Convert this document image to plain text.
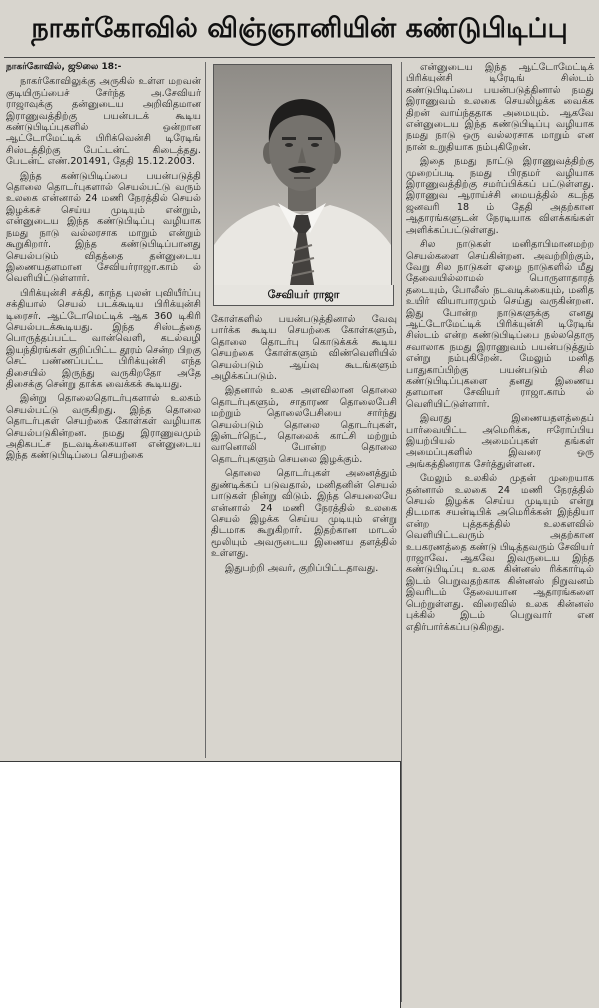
நாகர்கோவில் விஞ்ஞானியின் கண்டுபிடிப்பு

நாகர்கோவில், ஜூலை 18:-

நாகர்கோவிலுக்கு அருகில் உள்ள மறவன் குடியிருப்பைச் சேர்ந்த அ.சேவியர் ராஜாவுக்கு தன்னுடைய அறிவிதமான இராணுவத்திற்கு பயன்படக் கூடிய கண்டுபிடிப்புகளில் ஒன்றான ஆட்டோமேட்டிக் பிரிக்வென்சி டிரேடிங் சிஸ்டத்திற்கு பேட்டன்ட் கிடைத்தது. பேடன்ட் எண்.201491, தேதி 15.12.2003.

இந்த கண்டுபிடிப்பை பயன்படுத்தி தொலை தொடர்புகளால் செயல்பட்டு வரும் உலகை என்னால் 24 மணி நேரத்தில் செயல் இழக்கச் செய்ய முடியும் என்றும், என்னுடைய இந்த கண்டுபிடிப்பு வழியாக நமது நாடு வல்லரசாக மாறும் என்றும் கூறுகிறார். இந்த கண்டுபிடிப்பானது செயல்படும் விதத்தை தன்னுடைய இணையதளமான சேவியர்ராஜா.காம் ல் வெளியிட்டுள்ளார்.

பிரிக்யுன்சி சக்தி, காந்த புலன் புவியீர்ப்பு சக்தியால் செயல் படக்கூடிய பிரிக்யுன்சி டிரைசர். ஆட்டோமெட்டிக் ஆக 360 டிகிரி செயல்படக்கூடியது. இந்த சிஸ்டத்தை பொருத்தப்பட்ட வான்வெளி, கடல்வழி இயந்திரங்கள் குறிப்பிட்ட தூரம் சென்ற பிறகு செட் பண்ணப்பட்ட பிரிக்யுன்சி எந்த திசையில் இருந்து வருகிறதோ அதே திசைக்கு சென்று தாக்க வைக்கக் கூடியது.

இன்று தொலைதொடர்புகளால் உலகம் செயல்பட்டு வருகிறது. இந்த தொலை தொடர்புகள் செயற்கை கோள்கள் வழியாக செயல்படுகின்றன. நமது இராணுவமும் அதிகபட்ச நடவடிக்கையான என்னுடைய இந்த கண்டுபிடிப்பை செயற்கை

சேவியர் ராஜா

கோள்களில் பயன்படுத்தினால் வேவு பார்க்க கூடிய செயற்கை கோள்களும், தொலை தொடர்பு கொடுக்கக் கூடிய செயற்கை கோள்களும் விண்வெளியில் செயல்படும் ஆய்வு கூடங்களும் அழிக்கப்படும்.

இதனால் உலக அளவிலான தொலை தொடர்புகளும், சாதாரண தொலைபேசி மற்றும் தொலைபேசியை சார்ந்து செயல்படும் தொலை தொடர்புகள், இன்டர்நெட், தொலைக் காட்சி மற்றும் வானொலி போன்ற தொலை தொடர்புகளும் செயலை இழக்கும்.

தொலை தொடர்புகள் அனைத்தும் துண்டிக்கப் படுவதால், மனிதனின் செயல் பாடுகள் நின்று விடும். இந்த செயலையே என்னால் 24 மணி நேரத்தில் உலகை செயல் இழக்க செய்ய முடியும் என்று திடமாக கூறுகிறார். இதற்கான மாடல் மூலியும் அவருடைய இணைய தளத்தில் உள்ளது.

இதுபற்றி அவர், குறிப்பிட்டதாவது.

என்னுடைய இந்த ஆட்டோமேட்டிக் பிரிக்யுன்சி டிரேடிங் சிஸ்டம் கண்டுபிடிப்பை பயன்படுத்தினால் நமது இராணுவம் உலகை செயலிழக்க வைக்க திறன் வாய்ந்ததாக அமையும். ஆகவே என்னுடைய இந்த கண்டுபிடிப்பு வழியாக நமது நாடு ஒரு வல்லரசாக மாறும் என நான் உறுதியாக நம்புகிறேன்.

இதை நமது நாட்டு இராணுவத்திற்கு முறைப்படி நமது பிரதமர் வழியாக இராணுவத்திற்கு சமர்ப்பிக்கப் பட்டுள்ளது. இராணுவ ஆராய்ச்சி மையத்தில் கடந்த ஜனவரி 18 ம் தேதி அதற்கான ஆதாரங்களுடன் நேரடியாக விளக்கங்கள் அளிக்கப்பட்டுள்ளது.

சில நாடுகள் மனிதாபிமானமற்ற செயல்களை செய்கின்றன. அவற்றிற்கும், வேறு சில நாடுகள் ஏழை நாடுகளில் மீது தேவையில்லாமல் பொருளாதாரத் தடையும், போலீஸ் நடவடிக்கையும், மனித உயிர் வியாபாரமும் செய்து வருகின்றன. இது போன்ற நாடுகளுக்கு எனது ஆட்டோமேட்டிக் பிரிக்யுன்சி டிரேடிங் சிஸ்டம் என்ற கண்டுபிடிப்பை நல்லதொரு சவாலாக நமது இராணுவம் பயன்படுத்தும் என்று நம்புகிறேன். மேலும் மனித பாதுகாப்பிற்கு பயன்படும் சில கண்டுபிடிப்புகளை தனது இணைய தளமான சேவியர் ராஜா.காம் ல் வெளியிட்டுள்ளார்.

இவரது இணையதளத்தைப் பார்வையிட்ட அமெரிக்க, ஈரோப்பிய இயற்பியல் அமைப்புகள் தங்கள் அமைப்புகளில் இவரை ஒரு அங்கத்தினராக சேர்த்துள்ளன.

மேலும் உலகில் முதன் முறையாக தன்னால் உலகை 24 மணி நேரத்தில் செயல் இழக்க செய்ய முடியும் என்று திடமாக சயன்டிபிக் அமெரிக்கன் இந்தியா என்ற புத்தகத்தில் உலகளவில் வெளியிட்டவரும் அதற்கான உபகரணத்தை கண்டு பிடித்தவரும் சேவியர் ராஜாவே. ஆகவே இவருடைய இந்த கண்டுபிடிப்பு உலக கின்னஸ் ரிக்கார்டில் இடம் பெறுவதற்காக கின்னஸ் நிறுவனம் இவரிடம் தேவையான ஆதாரங்களை பெற்றுள்ளது. விரைவில் உலக கின்னஸ் புக்கில் இடம் பெறுவார் என எதிர்பார்க்கப்படுகிறது.
